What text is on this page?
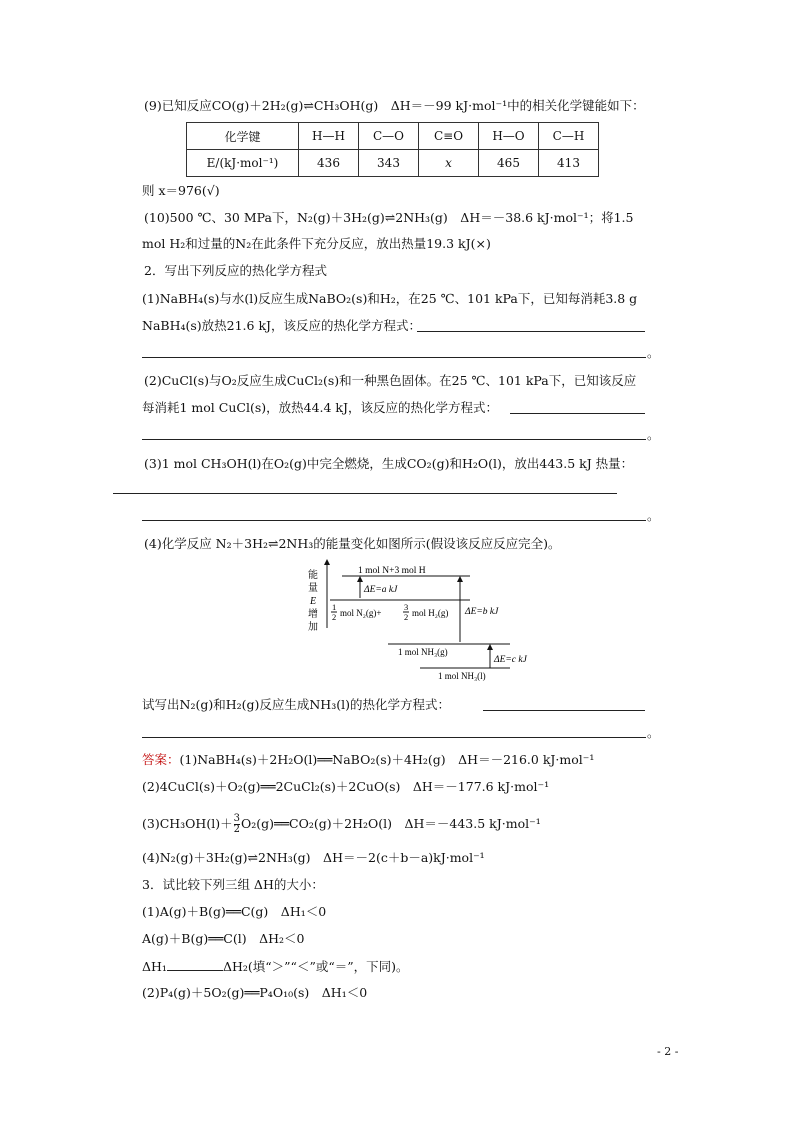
(9)已知反应CO(g)＋2H₂(g)⇌CH₃OH(g)　ΔH＝－99 kJ·mol⁻¹中的相关化学键能如下：
化学键	H—H	C—O	C≡O	H—O	C—H
E/(kJ·mol⁻¹)	436	343	x	465	413
则 x＝976(√)
(10)500 ℃、30 MPa下，N₂(g)＋3H₂(g)⇌2NH₃(g)　ΔH＝－38.6 kJ·mol⁻¹；将1.5
mol H₂和过量的N₂在此条件下充分反应，放出热量19.3 kJ(×)
2．写出下列反应的热化学方程式
(1)NaBH₄(s)与水(l)反应生成NaBO₂(s)和H₂，在25 ℃、101 kPa下，已知每消耗3.8 g
NaBH₄(s)放热21.6 kJ，该反应的热化学方程式：
。
(2)CuCl(s)与O₂反应生成CuCl₂(s)和一种黑色固体。在25 ℃、101 kPa下，已知该反应
每消耗1 mol CuCl(s)，放热44.4 kJ，该反应的热化学方程式：
。
(3)1 mol CH₃OH(l)在O₂(g)中完全燃烧，生成CO₂(g)和H₂O(l)，放出443.5 kJ 热量：
。
(4)化学反应 N₂＋3H₂⇌2NH₃的能量变化如图所示(假设该反应反应完全)。
能
量
E
增
加
1 mol N+3 mol H
ΔE=a kJ
1
2 mol N₂(g)+
3
2 mol H₂(g) ΔE=b kJ
1 mol NH₃(g)
ΔE=c kJ
1 mol NH₃(l)
试写出N₂(g)和H₂(g)反应生成NH₃(l)的热化学方程式：
。
答案：(1)NaBH₄(s)＋2H₂O(l)══NaBO₂(s)＋4H₂(g)　ΔH＝－216.0 kJ·mol⁻¹
(2)4CuCl(s)＋O₂(g)══2CuCl₂(s)＋2CuO(s)　ΔH＝－177.6 kJ·mol⁻¹
$(3)CH_3OH(l)+ \frac{3}{2}$ O₂(g)══CO₂(g)＋2H₂O(l)　ΔH＝－443.5 kJ·mol⁻¹
(4)N₂(g)＋3H₂(g)⇌2NH₃(g)　ΔH＝－2(c＋b－a)kJ·mol⁻¹
3．试比较下列三组 ΔH的大小：
(1)A(g)＋B(g)══C(g)　ΔH₁＜0
A(g)＋B(g)══C(l)　ΔH₂＜0
ΔH₁	ΔH₂(填“＞”“＜”或“＝”，下同)。
(2)P₄(g)＋5O₂(g)══P₄O₁₀(s)　ΔH₁＜0
- 2 -
